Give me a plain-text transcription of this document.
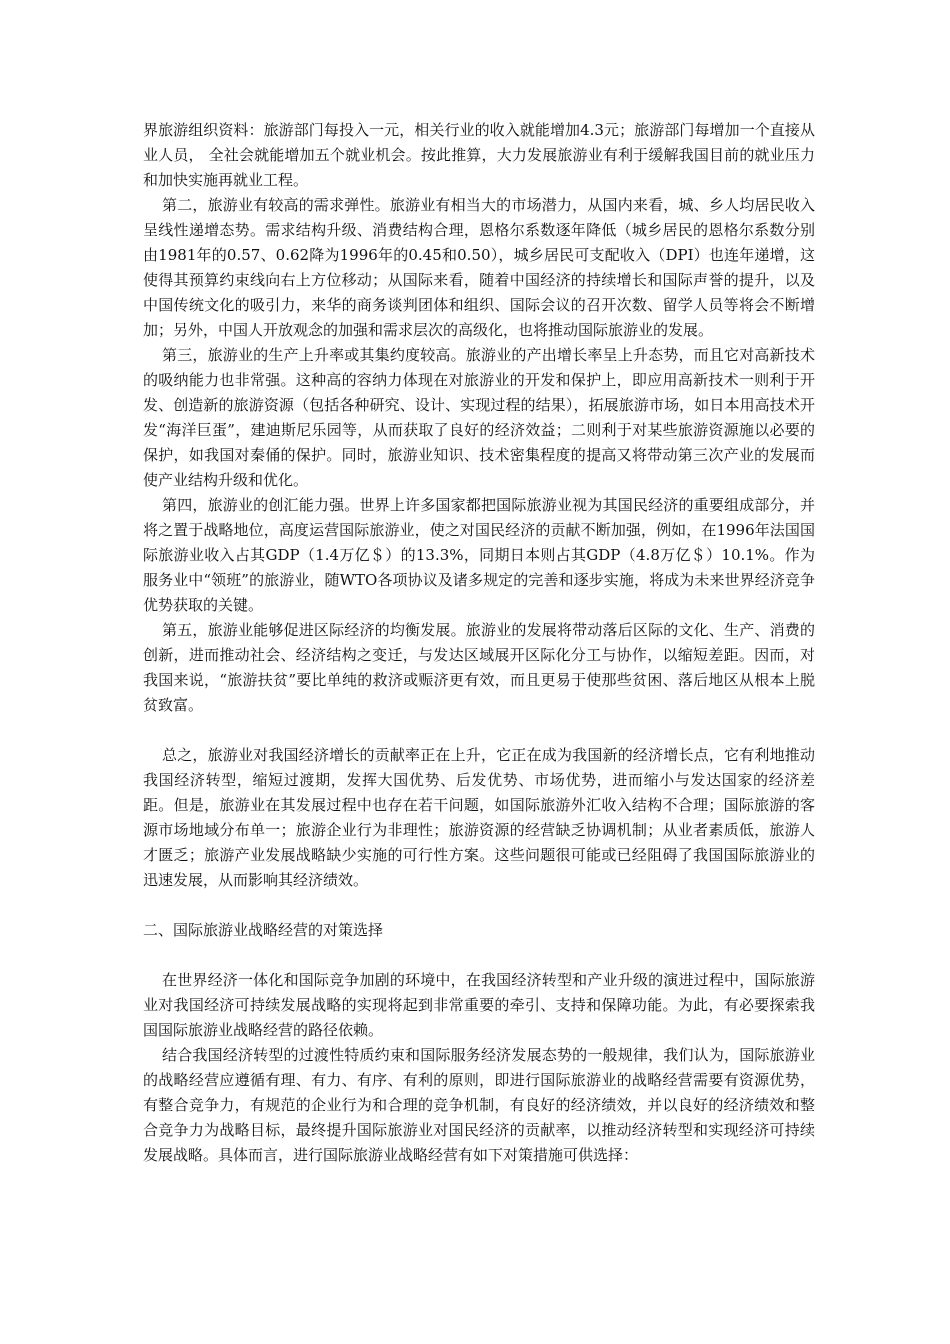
界旅游组织资料：旅游部门每投入一元，相关行业的收入就能增加4.3元；旅游部门每增加一个直接从业人员， 全社会就能增加五个就业机会。按此推算，大力发展旅游业有利于缓解我国目前的就业压力和加快实施再就业工程。

第二，旅游业有较高的需求弹性。旅游业有相当大的市场潜力，从国内来看，城、乡人均居民收入呈线性递增态势。需求结构升级、消费结构合理，恩格尔系数逐年降低（城乡居民的恩格尔系数分别由1981年的0.57、0.62降为1996年的0.45和0.50），城乡居民可支配收入（DPI）也连年递增，这使得其预算约束线向右上方位移动；从国际来看，随着中国经济的持续增长和国际声誉的提升，以及中国传统文化的吸引力，来华的商务谈判团体和组织、国际会议的召开次数、留学人员等将会不断增加；另外，中国人开放观念的加强和需求层次的高级化，也将推动国际旅游业的发展。

第三，旅游业的生产上升率或其集约度较高。旅游业的产出增长率呈上升态势，而且它对高新技术的吸纳能力也非常强。这种高的容纳力体现在对旅游业的开发和保护上，即应用高新技术一则利于开发、创造新的旅游资源（包括各种研究、设计、实现过程的结果），拓展旅游市场，如日本用高技术开发“海洋巨蛋”，建迪斯尼乐园等，从而获取了良好的经济效益；二则利于对某些旅游资源施以必要的保护，如我国对秦俑的保护。同时，旅游业知识、技术密集程度的提高又将带动第三次产业的发展而使产业结构升级和优化。

第四，旅游业的创汇能力强。世界上许多国家都把国际旅游业视为其国民经济的重要组成部分，并将之置于战略地位，高度运营国际旅游业，使之对国民经济的贡献不断加强，例如，在1996年法国国际旅游业收入占其GDP（1.4万亿＄）的13.3%，同期日本则占其GDP（4.8万亿＄）10.1%。作为服务业中“领班”的旅游业，随WTO各项协议及诸多规定的完善和逐步实施，将成为未来世界经济竞争优势获取的关键。

第五，旅游业能够促进区际经济的均衡发展。旅游业的发展将带动落后区际的文化、生产、消费的创新，进而推动社会、经济结构之变迁，与发达区域展开区际化分工与协作，以缩短差距。因而，对我国来说，“旅游扶贫”要比单纯的救济或赈济更有效，而且更易于使那些贫困、落后地区从根本上脱贫致富。

总之，旅游业对我国经济增长的贡献率正在上升，它正在成为我国新的经济增长点，它有利地推动我国经济转型，缩短过渡期，发挥大国优势、后发优势、市场优势，进而缩小与发达国家的经济差距。但是，旅游业在其发展过程中也存在若干问题，如国际旅游外汇收入结构不合理；国际旅游的客源市场地域分布单一；旅游企业行为非理性；旅游资源的经营缺乏协调机制；从业者素质低，旅游人才匮乏；旅游产业发展战略缺少实施的可行性方案。这些问题很可能或已经阻碍了我国国际旅游业的迅速发展，从而影响其经济绩效。

二、国际旅游业战略经营的对策选择

在世界经济一体化和国际竞争加剧的环境中，在我国经济转型和产业升级的演进过程中，国际旅游业对我国经济可持续发展战略的实现将起到非常重要的牵引、支持和保障功能。为此，有必要探索我国国际旅游业战略经营的路径依赖。

结合我国经济转型的过渡性特质约束和国际服务经济发展态势的一般规律，我们认为，国际旅游业的战略经营应遵循有理、有力、有序、有利的原则，即进行国际旅游业的战略经营需要有资源优势，有整合竞争力，有规范的企业行为和合理的竞争机制，有良好的经济绩效，并以良好的经济绩效和整合竞争力为战略目标，最终提升国际旅游业对国民经济的贡献率，以推动经济转型和实现经济可持续发展战略。具体而言，进行国际旅游业战略经营有如下对策措施可供选择：
